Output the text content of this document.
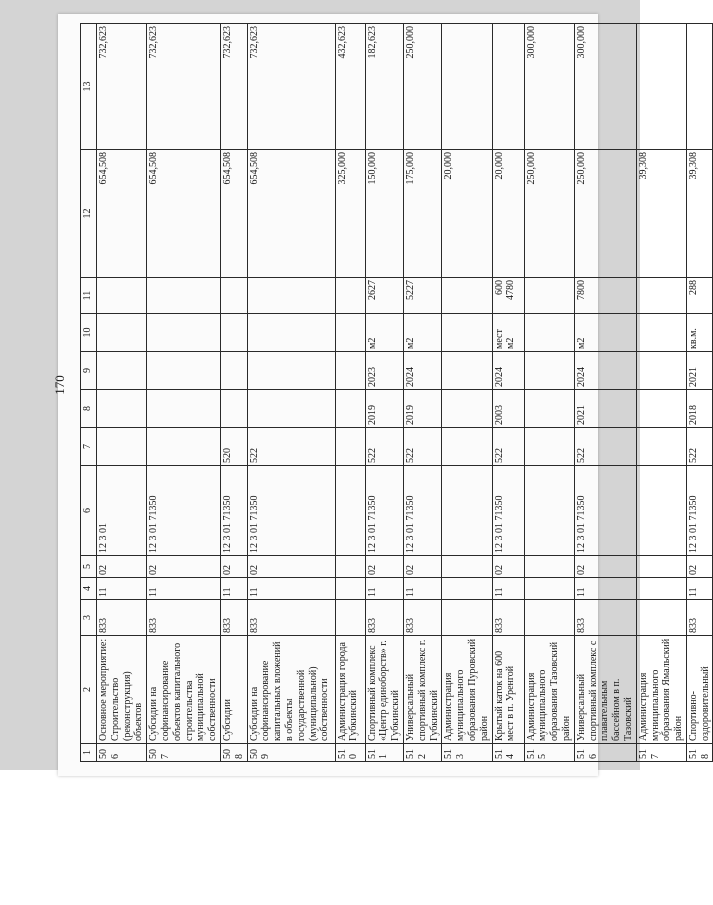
170
1	2	3	4	5	6	7	8	9	10	11	12	13
506	Основное мероприятие: Строительство (реконструкция) объектов	833	11	02	12 3 01						654,508	732,623
507	Субсидии на софинансирование объектов капитального строительства муниципальной собственности	833	11	02	12 3 01 71350						654,508	732,623
508	Субсидии	833	11	02	12 3 01 71350	520					654,508	732,623
509	Субсидии на софинансирование капитальных вложений в объекты государственной (муниципальной) собственности	833	11	02	12 3 01 71350	522					654,508	732,623
510	Администрация города Губкинский										325,000	432,623
511	Спортивный комплекс «Центр единоборств» г. Губкинский	833	11	02	12 3 01 71350	522	2019	2023	м2	2627	150,000	182,623
512	Универсальный спортивный комплекс г. Губкинский	833	11	02	12 3 01 71350	522	2019	2024	м2	5227	175,000	250,000
513	Администрация муниципального образования Пуровский район										20,000	
514	Крытый каток на 600 мест в п. Уренгой	833	11	02	12 3 01 71350	522	2003	2024	мест м2	600 4780	20,000	
515	Администрация муниципального образования Тазовский район										250,000	300,000
516	Универсальный спортивный комплекс с плавательным бассейном в п. Тазовский	833	11	02	12 3 01 71350	522	2021	2024	м2	7800	250,000	300,000
517	Администрация муниципального образования Ямальский район										39,308	
518	Спортивно-оздоровительный	833	11	02	12 3 01 71350	522	2018	2021	кв.м.	288	39,308	
